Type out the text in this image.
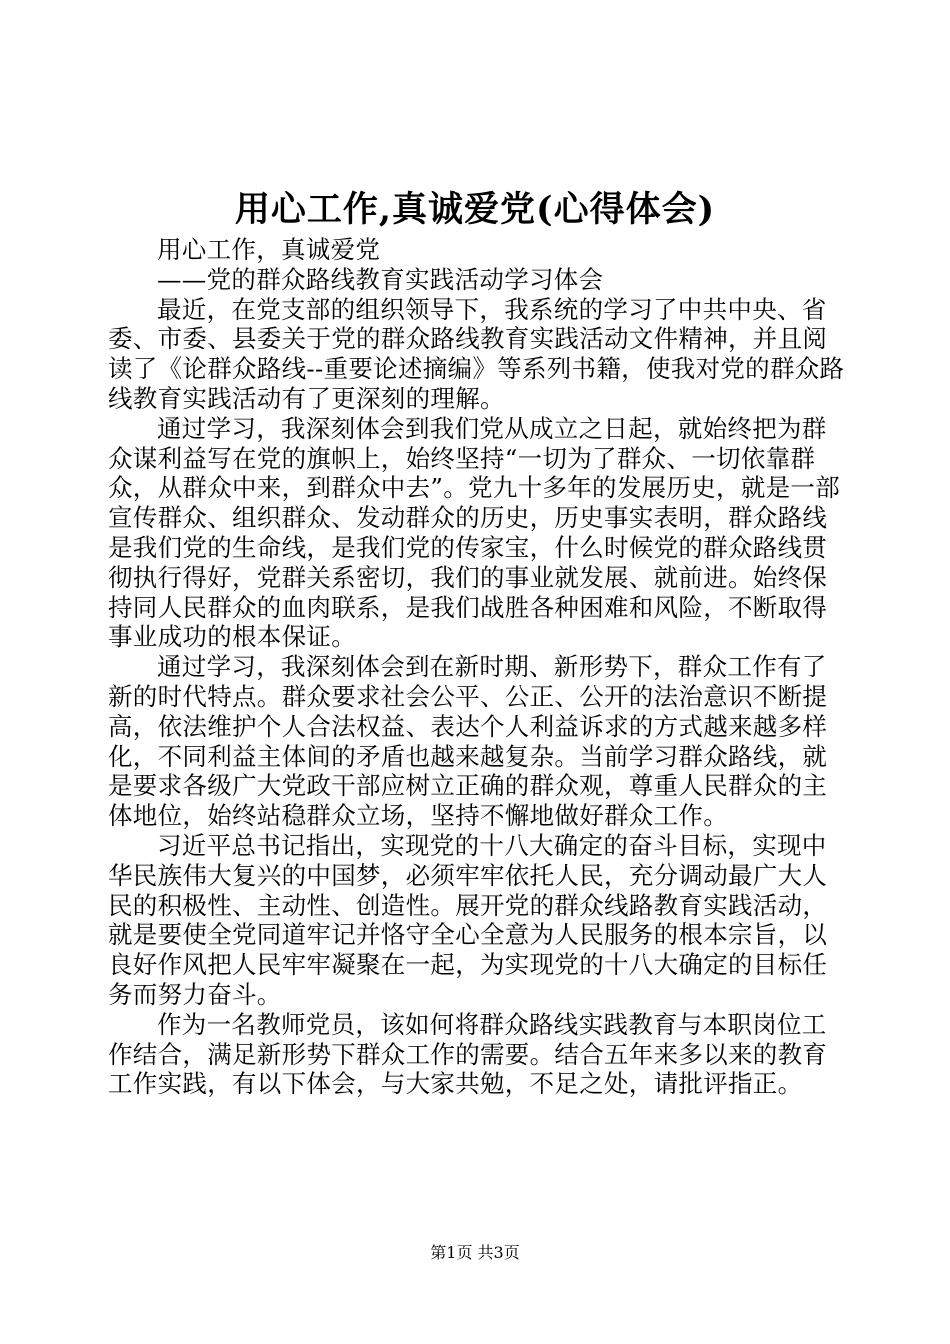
用心工作,真诚爱党(心得体会)

用心工作，真诚爱党

——党的群众路线教育实践活动学习体会

最近，在党支部的组织领导下，我系统的学习了中共中央、省委、市委、县委关于党的群众路线教育实践活动文件精神，并且阅读了《论群众路线--重要论述摘编》等系列书籍，使我对党的群众路线教育实践活动有了更深刻的理解。

通过学习，我深刻体会到我们党从成立之日起，就始终把为群众谋利益写在党的旗帜上，始终坚持“一切为了群众、一切依靠群众，从群众中来，到群众中去”。党九十多年的发展历史，就是一部宣传群众、组织群众、发动群众的历史，历史事实表明，群众路线是我们党的生命线，是我们党的传家宝，什么时候党的群众路线贯彻执行得好，党群关系密切，我们的事业就发展、就前进。始终保持同人民群众的血肉联系，是我们战胜各种困难和风险，不断取得事业成功的根本保证。

通过学习，我深刻体会到在新时期、新形势下，群众工作有了新的时代特点。群众要求社会公平、公正、公开的法治意识不断提高，依法维护个人合法权益、表达个人利益诉求的方式越来越多样化，不同利益主体间的矛盾也越来越复杂。当前学习群众路线，就是要求各级广大党政干部应树立正确的群众观，尊重人民群众的主体地位，始终站稳群众立场，坚持不懈地做好群众工作。

习近平总书记指出，实现党的十八大确定的奋斗目标，实现中华民族伟大复兴的中国梦，必须牢牢依托人民，充分调动最广大人民的积极性、主动性、创造性。展开党的群众线路教育实践活动，就是要使全党同道牢记并恪守全心全意为人民服务的根本宗旨，以良好作风把人民牢牢凝聚在一起，为实现党的十八大确定的目标任务而努力奋斗。

作为一名教师党员，该如何将群众路线实践教育与本职岗位工作结合，满足新形势下群众工作的需要。结合五年来多以来的教育工作实践，有以下体会，与大家共勉，不足之处，请批评指正。

第1页 共3页
